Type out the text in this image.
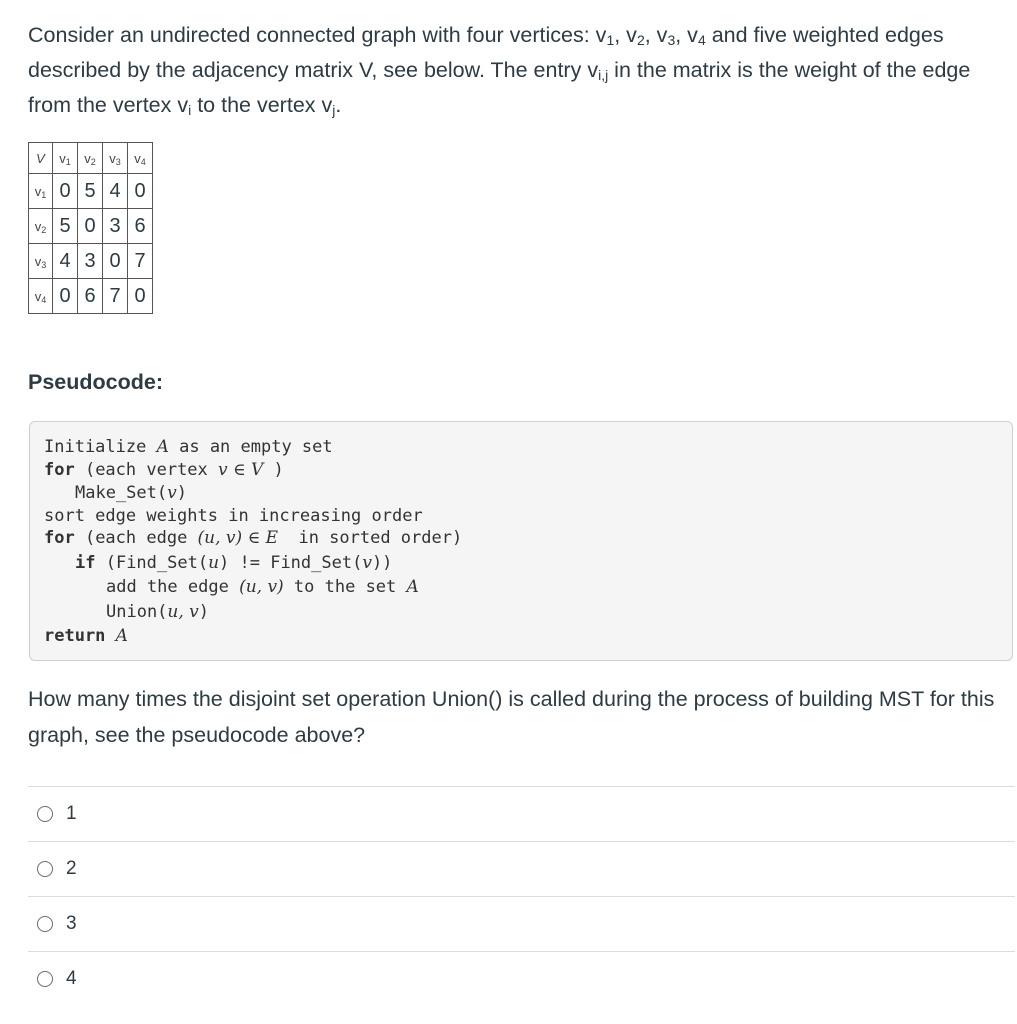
Consider an undirected connected graph with four vertices: $v_1$, $v_2$, $v_3$, $v_4$ and five weighted edges described by the adjacency matrix V, see below. The entry $v_{i,j}$ in the matrix is the weight of the edge from the vertex $v_i$ to the vertex $v_j$.
V	$v_1$	$v_2$	$v_3$	$v_4$
$v_1$	0	5	4	0
$v_2$	5	0	3	6
$v_3$	4	3	0	7
$v_4$	0	6	7	0
Pseudocode:
Initialize A as an empty set
for (each vertex v ∈ V )
Make_Set(v)
sort edge weights in increasing order
for (each edge (u, v) ∈ E  in sorted order)
if (Find_Set(u) != Find_Set(v))
add the edge (u, v) to the set A
Union(u, v)
return A
How many times the disjoint set operation Union() is called during the process of building MST for this graph, see the pseudocode above?
1
2
3
4
